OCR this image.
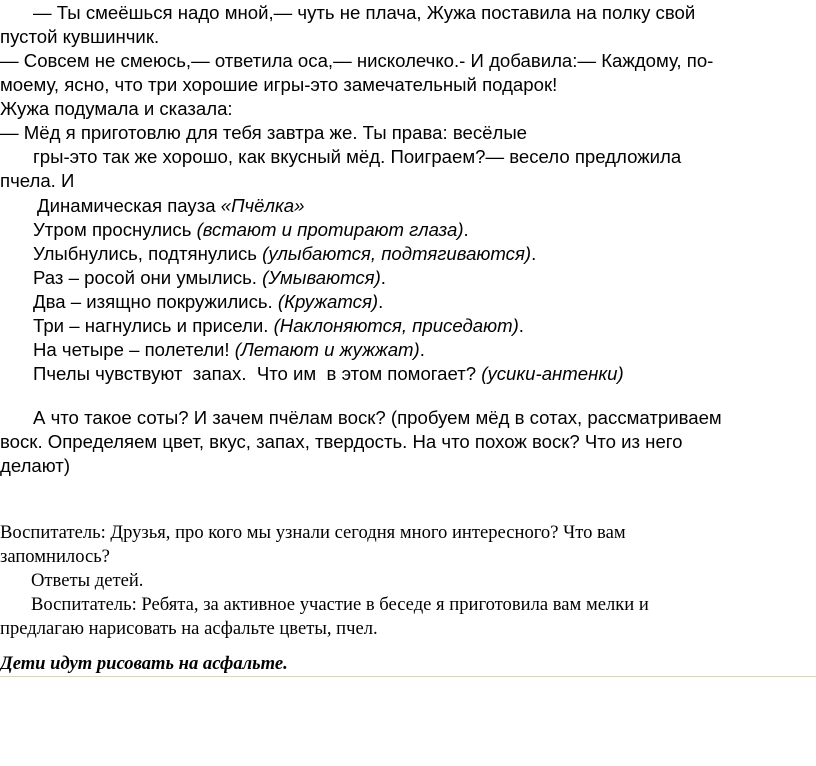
— Ты смеёшься надо мной,— чуть не плача, Жужа поставила на полку свой
пустой кувшинчик.
— Совсем не смеюсь,— ответила оса,— нисколечко.- И добавила:— Каждому, по-
моему, ясно, что три хорошие игры-это замечательный подарок!
Жужа подумала и сказала:
— Мёд я приготовлю для тебя завтра же. Ты права: весёлые
гры-это так же хорошо, как вкусный мёд. Поиграем?— весело предложила
пчела. И
Динамическая пауза «Пчёлка»
Утром проснулись (встают и протирают глаза).
Улыбнулись, подтянулись (улыбаются, подтягиваются).
Раз – росой они умылись. (Умываются).
Два – изящно покружились. (Кружатся).
Три – нагнулись и присели. (Наклоняются, приседают).
На четыре – полетели! (Летают и жужжат).
Пчелы чувствуют  запах.  Что им  в этом помогает? (усики-антенки)
А что такое соты? И зачем пчёлам воск? (пробуем мёд в сотах, рассматриваем
воск. Определяем цвет, вкус, запах, твердость. На что похож воск? Что из него
делают)
Воспитатель: Друзья, про кого мы узнали сегодня много интересного? Что вам
запомнилось?
Ответы детей.
Воспитатель: Ребята, за активное участие в беседе я приготовила вам мелки и
предлагаю нарисовать на асфальте цветы, пчел.
Дети идут рисовать на асфальте.
